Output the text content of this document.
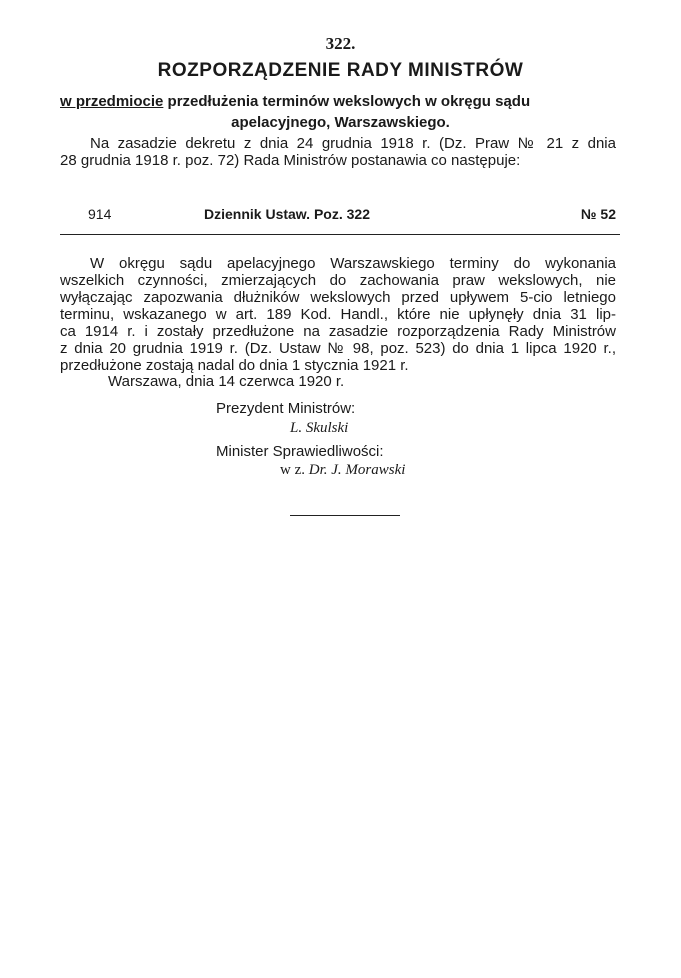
322.
ROZPORZĄDZENIE RADY MINISTRÓW
w przedmiocie przedłużenia terminów wekslowych w okręgu sądu
apelacyjnego, Warszawskiego.
Na zasadzie dekretu z dnia 24 grudnia 1918 r. (Dz. Praw № 21 z dnia
28 grudnia 1918 r. poz. 72) Rada Ministrów postanawia co następuje:
914	Dziennik Ustaw. Poz. 322	№ 52
W okręgu sądu apelacyjnego Warszawskiego terminy do wykonania
wszelkich czynności, zmierzających do zachowania praw wekslowych, nie
wyłączając zapozwania dłużników wekslowych przed upływem 5-cio letniego
terminu, wskazanego w art. 189 Kod. Handl., które nie upłynęły dnia 31 lip-
ca 1914 r. i zostały przedłużone na zasadzie rozporządzenia Rady Ministrów
z dnia 20 grudnia 1919 r. (Dz. Ustaw № 98, poz. 523) do dnia 1 lipca 1920 r.,
przedłużone zostają nadal do dnia 1 stycznia 1921 r.
Warszawa, dnia 14 czerwca 1920 r.
Prezydent Ministrów:
L. Skulski
Minister Sprawiedliwości:
w z. Dr. J. Morawski
